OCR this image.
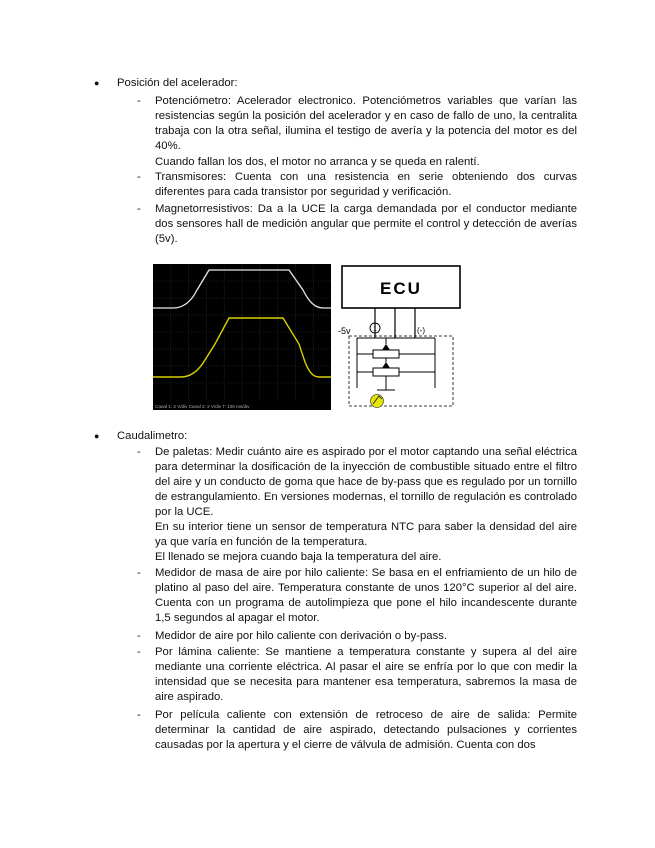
● Posición del acelerador:
- Potenciómetro: Acelerador electronico. Potenciómetros variables que varían las resistencias según la posición del acelerador y en caso de fallo de uno, la centralita trabaja con la otra señal, ilumina el testigo de avería y la potencia del motor es del 40%.
Cuando fallan los dos, el motor no arranca y se queda en ralentí.
- Transmisores: Cuenta con una resistencia en serie obteniendo dos curvas diferentes para cada transistor por seguridad y verificación.
- Magnetorresistivos: Da a la UCE la carga demandada por el conductor mediante dos sensores hall de medición angular que permite el control y detección de averías (5v).
Canal 1: 2 V/div Canal 2: 2 V/div T: 100 ms/div
ECU
-5v	1	(-)
● Caudalimetro:
- De paletas: Medir cuánto aire es aspirado por el motor captando una señal eléctrica para determinar la dosificación de la inyección de combustible situado entre el filtro del aire y un conducto de goma que hace de by-pass que es regulado por un tornillo de estrangulamiento. En versiones modernas, el tornillo de regulación es controlado por la UCE.
En su interior tiene un sensor de temperatura NTC para saber la densidad del aire ya que varía en función de la temperatura.
El llenado se mejora cuando baja la temperatura del aire.
- Medidor de masa de aire por hilo caliente: Se basa en el enfriamiento de un hilo de platino al paso del aire. Temperatura constante de unos 120°C superior al del aire. Cuenta con un programa de autolimpieza que pone el hilo incandescente durante 1,5 segundos al apagar el motor.
- Medidor de aire por hilo caliente con derivación o by-pass.
- Por lámina caliente: Se mantiene a temperatura constante y supera al del aire mediante una corriente eléctrica. Al pasar el aire se enfría por lo que con medir la intensidad que se necesita para mantener esa temperatura, sabremos la masa de aire aspirado.
- Por película caliente con extensión de retroceso de aire de salida: Permite determinar la cantidad de aire aspirado, detectando pulsaciones y corrientes causadas por la apertura y el cierre de válvula de admisión. Cuenta con dos
